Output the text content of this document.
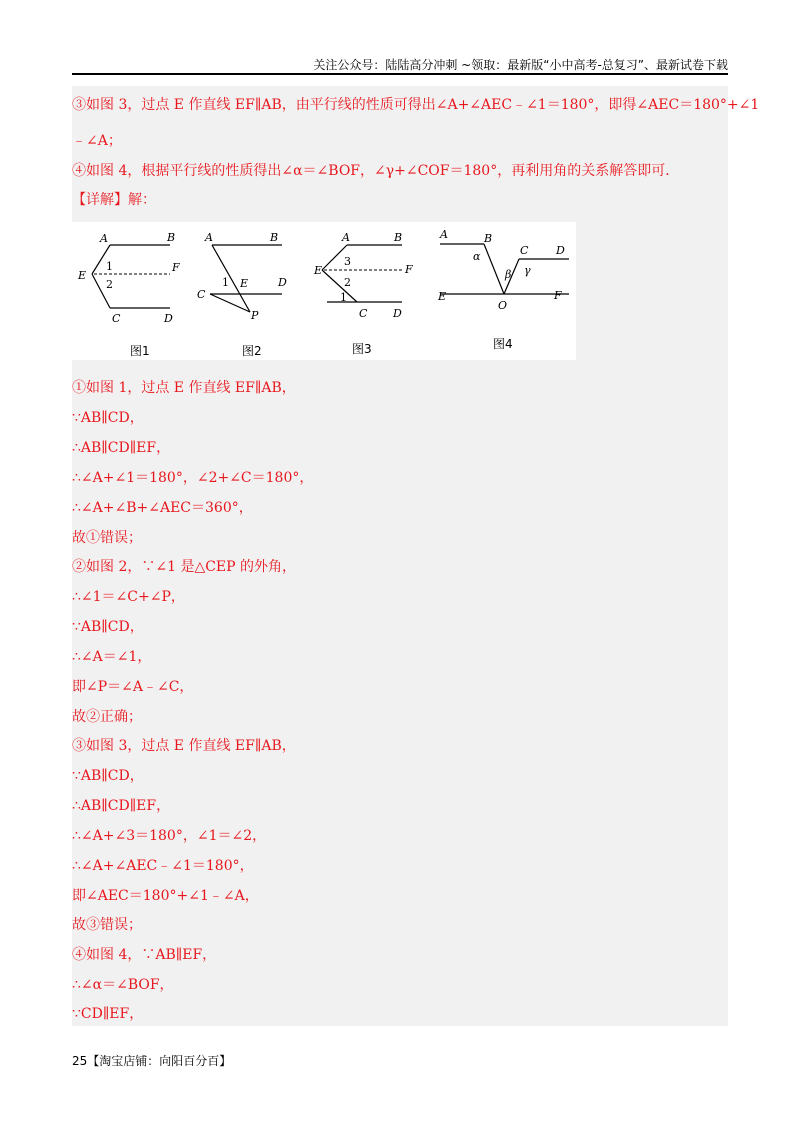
关注公众号：陆陆高分冲刺 ~领取：最新版“小中高考-总复习”、最新试卷下载
③如图 3，过点 E 作直线 EF∥AB，由平行线的性质可得出∠A+∠AEC﹣∠1＝180°，即得∠AEC＝180°+∠1
﹣∠A；
④如图 4，根据平行线的性质得出∠α＝∠BOF，∠γ+∠COF＝180°，再利用角的关系解答即可．
【详解】解：
A	B
E
F
C	D
1
2
图1
A	B
C
D
E
P
1
图2
A	B
E	F
C D
1
2
3
图3
A	B
C	D
E
O
F
α
β γ
图4
①如图 1，过点 E 作直线 EF∥AB，
∵AB∥CD，
∴AB∥CD∥EF，
∴∠A+∠1＝180°，∠2+∠C＝180°，
∴∠A+∠B+∠AEC＝360°，
故①错误；
②如图 2，∵∠1 是△CEP 的外角，
∴∠1＝∠C+∠P，
∵AB∥CD，
∴∠A＝∠1，
即∠P＝∠A﹣∠C，
故②正确；
③如图 3，过点 E 作直线 EF∥AB，
∵AB∥CD，
∴AB∥CD∥EF，
∴∠A+∠3＝180°，∠1＝∠2，
∴∠A+∠AEC﹣∠1＝180°，
即∠AEC＝180°+∠1﹣∠A，
故③错误；
④如图 4，∵AB∥EF，
∴∠α＝∠BOF，
∵CD∥EF，
25【淘宝店铺：向阳百分百】
